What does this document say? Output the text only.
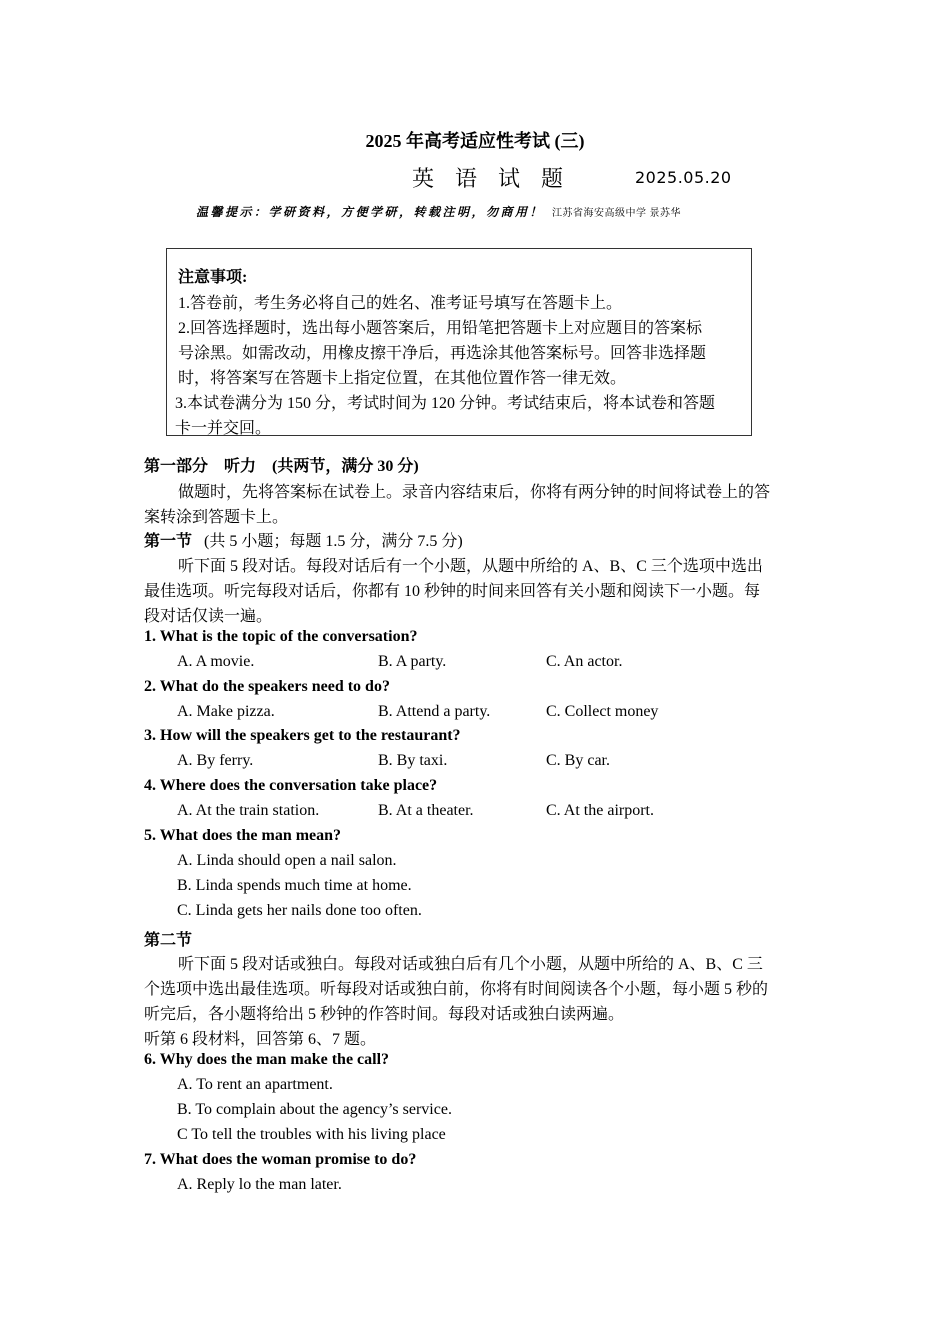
2025 年高考适应性考试 (三)
英 语 试 题	2025.05.20
温馨提示：学研资料，方便学研，转载注明，勿商用！ 江苏省海安高级中学 景苏华
注意事项:
1.答卷前，考生务必将自己的姓名、准考证号填写在答题卡上。
2.回答选择题时，选出每小题答案后，用铅笔把答题卡上对应题目的答案标
号涂黑。如需改动，用橡皮擦干净后，再选涂其他答案标号。回答非选择题
时，将答案写在答题卡上指定位置，在其他位置作答一律无效。
3.本试卷满分为 150 分，考试时间为 120 分钟。考试结束后，将本试卷和答题
卡一并交回。
第一部分　听力　(共两节，满分 30 分)
做题时，先将答案标在试卷上。录音内容结束后，你将有两分钟的时间将试卷上的答
案转涂到答题卡上。
第一节 (共 5 小题；每题 1.5 分，满分 7.5 分)
听下面 5 段对话。每段对话后有一个小题，从题中所给的 A、B、C 三个选项中选出
最佳选项。听完每段对话后，你都有 10 秒钟的时间来回答有关小题和阅读下一小题。每
段对话仅读一遍。
1. What is the topic of the conversation?
A. A movie.	B. A party.	C. An actor.
2. What do the speakers need to do?
A. Make pizza.	B. Attend a party.	C. Collect money
3. How will the speakers get to the restaurant?
A. By ferry.	B. By taxi.	C. By car.
4. Where does the conversation take place?
A. At the train station.	B. At a theater.	C. At the airport.
5. What does the man mean?
A. Linda should open a nail salon.
B. Linda spends much time at home.
C. Linda gets her nails done too often.
第二节
听下面 5 段对话或独白。每段对话或独白后有几个小题，从题中所给的 A、B、C 三
个选项中选出最佳选项。听每段对话或独白前，你将有时间阅读各个小题，每小题 5 秒的
听完后，各小题将给出 5 秒钟的作答时间。每段对话或独白读两遍。
听第 6 段材料，回答第 6、7 题。
6. Why does the man make the call?
A. To rent an apartment.
B. To complain about the agency’s service.
C To tell the troubles with his living place
7. What does the woman promise to do?
A. Reply lo the man later.
